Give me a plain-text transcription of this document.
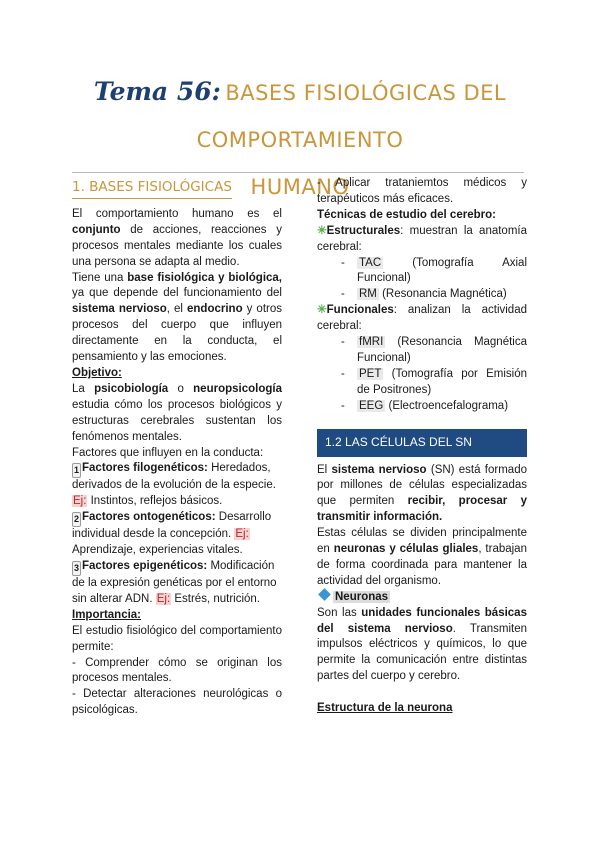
Tema 56: BASES FISIOLÓGICAS DEL COMPORTAMIENTO
HUMANO
1. BASES FISIOLÓGICAS

El comportamiento humano es el conjunto de acciones, reacciones y procesos mentales mediante los cuales una persona se adapta al medio.

Tiene una base fisiológica y biológica, ya que depende del funcionamiento del sistema nervioso, el endocrino y otros procesos del cuerpo que influyen directamente en la conducta, el pensamiento y las emociones.

Objetivo:

La psicobiología o neuropsicología estudia cómo los procesos biológicos y estructuras cerebrales sustentan los fenómenos mentales.

Factores que influyen en la conducta:

1 Factores filogenéticos: Heredados, derivados de la evolución de la especie. Ej: Instintos, reflejos básicos.

2 Factores ontogenéticos: Desarrollo individual desde la concepción. Ej: Aprendizaje, experiencias vitales.

3 Factores epigenéticos: Modificación de la expresión genéticas por el entorno sin alterar ADN. Ej: Estrés, nutrición.

Importancia:

El estudio fisiológico del comportamiento permite:

- Comprender cómo se originan los procesos mentales.

- Detectar alteraciones neurológicas o psicológicas.

- Aplicar trataniemtos médicos y terapéuticos más eficaces.

Técnicas de estudio del cerebro:

✳Estructurales: muestran la anatomía cerebral:

- TAC (Tomografía Axial Funcional)
- RM (Resonancia Magnética)

✳Funcionales: analizan la actividad cerebral:

- fMRI (Resonancia Magnética Funcional)
- PET (Tomografía por Emisión de Positrones)
- EEG (Electroencefalograma)
1.2 LAS CÉLULAS DEL SN

El sistema nervioso (SN) está formado por millones de células especializadas que permiten recibir, procesar y transmitir información.

Estas células se dividen principalmente en neuronas y células gliales, trabajan de forma coordinada para mantener la actividad del organismo.

Neuronas

Son las unidades funcionales básicas del sistema nervioso. Transmiten impulsos eléctricos y químicos, lo que permite la comunicación entre distintas partes del cuerpo y cerebro.

Estructura de la neurona
